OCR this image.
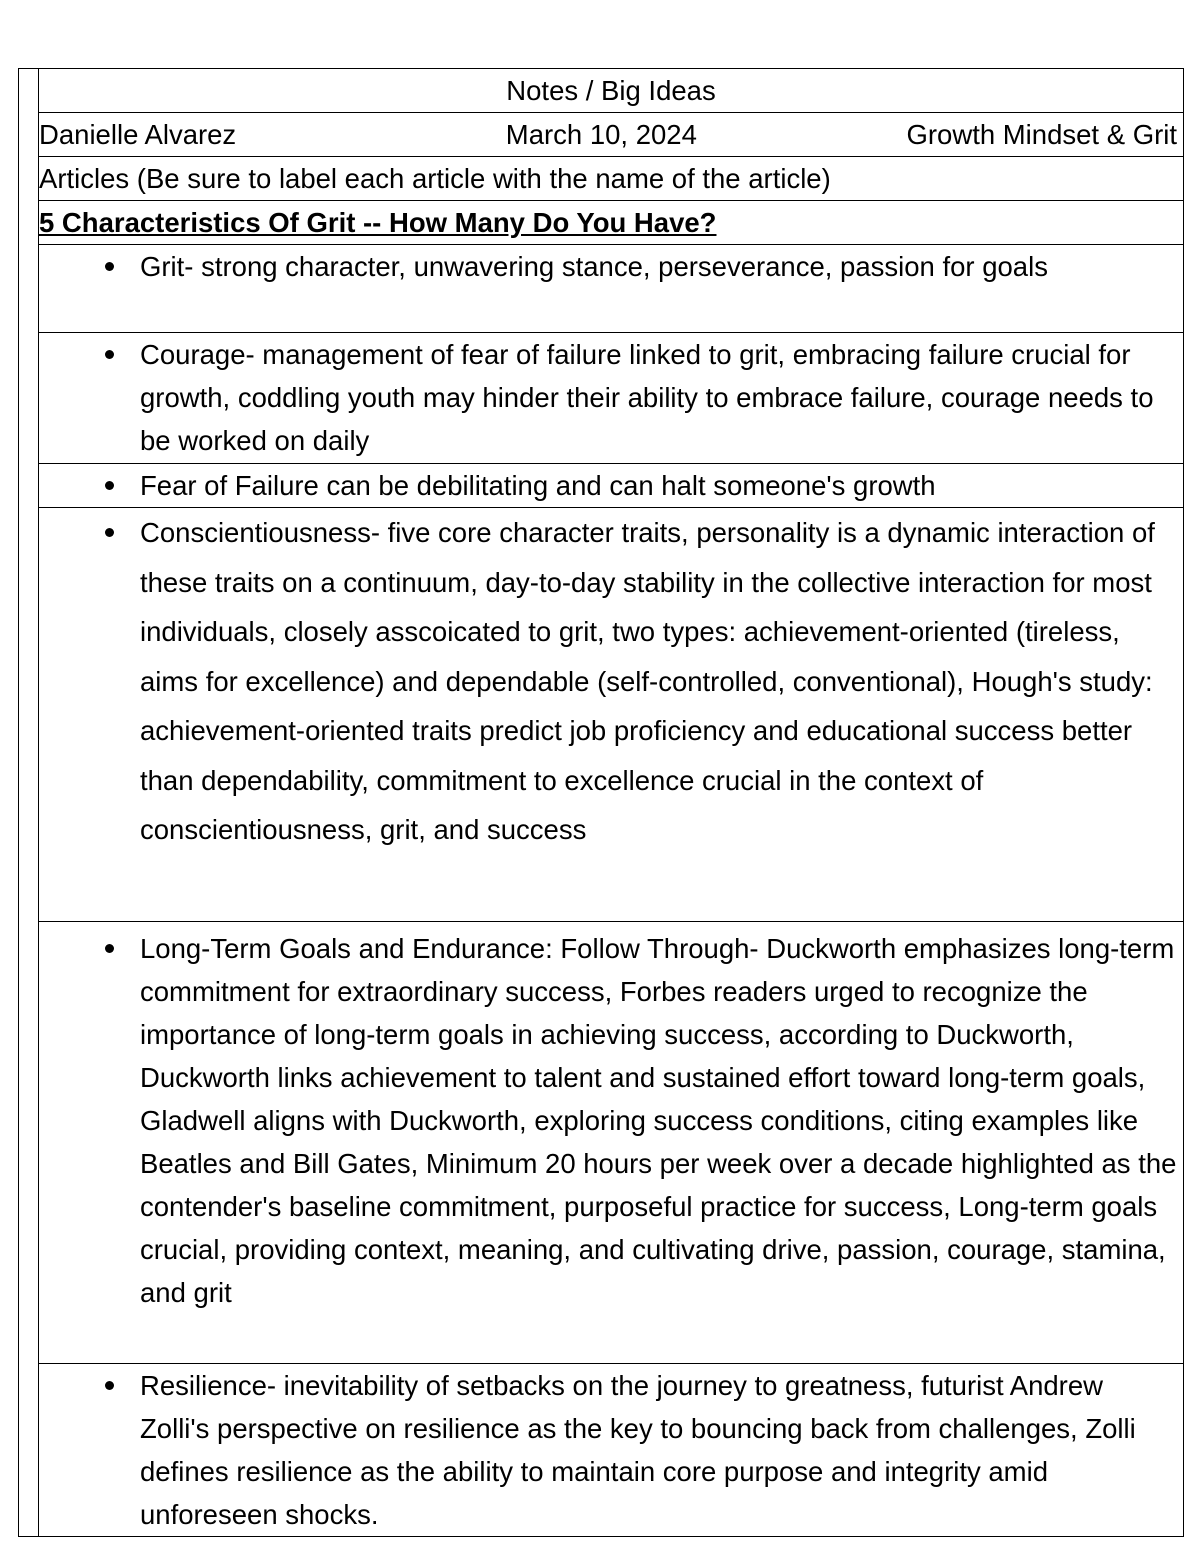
	Notes / Big Ideas

Danielle Alvarez	March 10, 2024	Growth Mindset & Grit

Articles (Be sure to label each article with the name of the article)
5 Characteristics Of Grit -- How Many Do You Have?

Grit- strong character, unwavering stance, perseverance, passion for goals

Courage- management of fear of failure linked to grit, embracing failure crucial for growth, coddling youth may hinder their ability to embrace failure, courage needs to be worked on daily

Fear of Failure can be debilitating and can halt someone's growth

Conscientiousness- five core character traits, personality is a dynamic interaction of these traits on a continuum, day-to-day stability in the collective interaction for most individuals, closely asscoicated to grit, two types: achievement-oriented (tireless, aims for excellence) and dependable (self-controlled, conventional), Hough's study: achievement-oriented traits predict job proficiency and educational success better than dependability, commitment to excellence crucial in the context of conscientiousness, grit, and success

Long-Term Goals and Endurance: Follow Through- Duckworth emphasizes long-term commitment for extraordinary success, Forbes readers urged to recognize the importance of long-term goals in achieving success, according to Duckworth, Duckworth links achievement to talent and sustained effort toward long-term goals, Gladwell aligns with Duckworth, exploring success conditions, citing examples like Beatles and Bill Gates, Minimum 20 hours per week over a decade highlighted as the contender's baseline commitment, purposeful practice for success, Long-term goals crucial, providing context, meaning, and cultivating drive, passion, courage, stamina, and grit

Resilience- inevitability of setbacks on the journey to greatness, futurist Andrew Zolli's perspective on resilience as the key to bouncing back from challenges, Zolli defines resilience as the ability to maintain core purpose and integrity amid unforeseen shocks.
